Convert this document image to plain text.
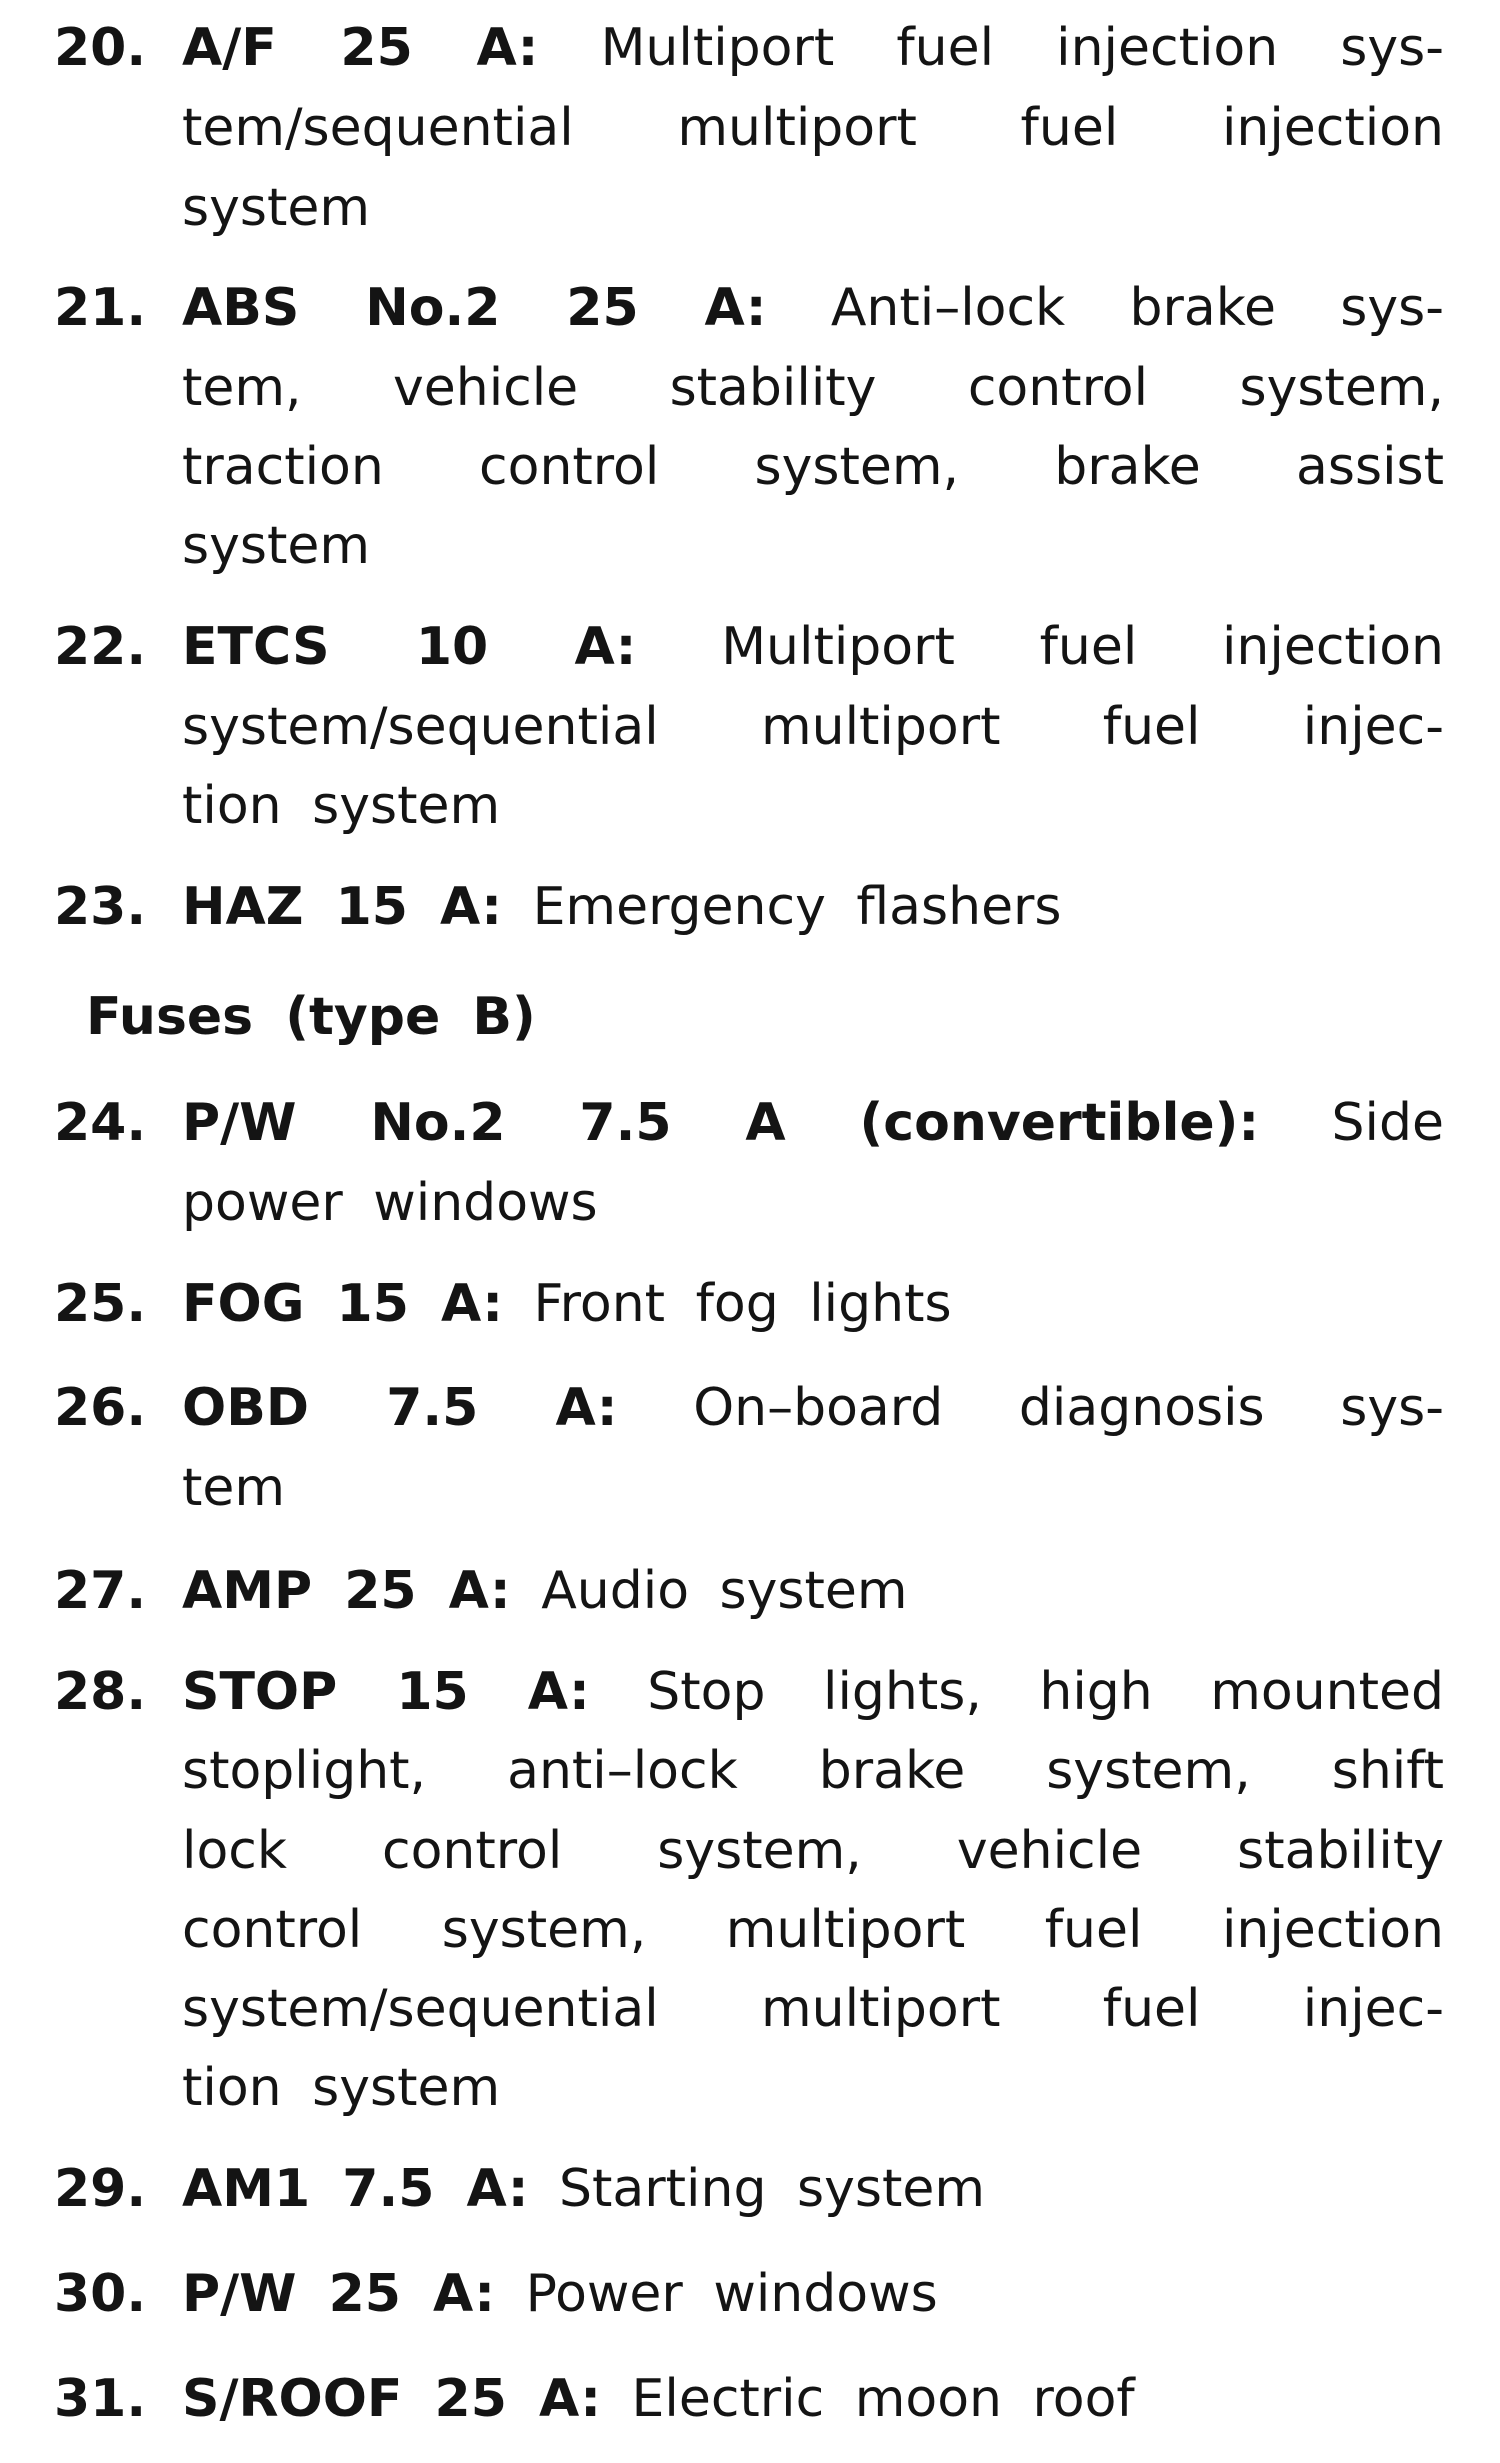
20. A/F 25 A: Multiport fuel injection sys-
tem/sequential multiport fuel injection
system
21. ABS No.2 25 A: Anti–lock brake sys-
tem, vehicle stability control system,
traction control system, brake assist
system
22. ETCS 10 A: Multiport fuel injection
system/sequential multiport fuel injec-
tion system
23. HAZ 15 A: Emergency flashers
Fuses (type B)
24. P/W No.2 7.5 A (convertible): Side
power windows
25. FOG 15 A: Front fog lights
26. OBD 7.5 A: On–board diagnosis sys-
tem
27. AMP 25 A: Audio system
28. STOP 15 A: Stop lights, high mounted
stoplight, anti–lock brake system, shift
lock control system, vehicle stability
control system, multiport fuel injection
system/sequential multiport fuel injec-
tion system
29. AM1 7.5 A: Starting system
30. P/W 25 A: Power windows
31. S/ROOF 25 A: Electric moon roof
